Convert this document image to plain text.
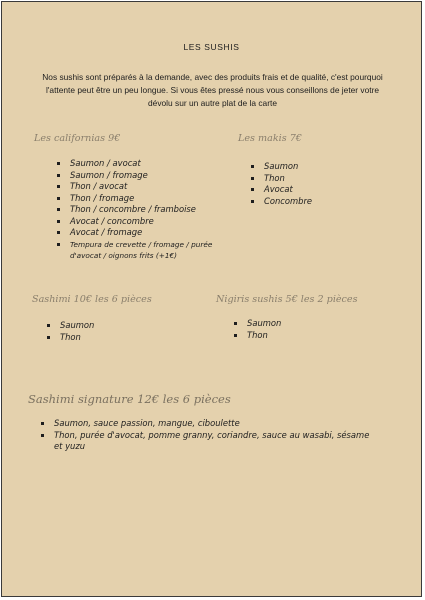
LES SUSHIS
Nos sushis sont préparés à la demande, avec des produits frais et de qualité, c'est pourquoi
l'attente peut être un peu longue. Si vous êtes pressé nous vous conseillons de jeter votre
dévolu sur un autre plat de la carte
Les californias 9€
Saumon / avocat
Saumon / fromage
Thon / avocat
Thon / fromage
Thon / concombre / framboise
Avocat / concombre
Avocat / fromage
Tempura de crevette / fromage / purée d'avocat / oignons frits (+1€)
Les makis 7€
Saumon
Thon
Avocat
Concombre
Sashimi 10€ les 6 pièces
Saumon
Thon
Nigiris sushis 5€ les 2 pièces
Saumon
Thon
Sashimi signature 12€ les 6 pièces
Saumon, sauce passion, mangue, ciboulette
Thon, purée d'avocat, pomme granny, coriandre, sauce au wasabi, sésame et yuzu
